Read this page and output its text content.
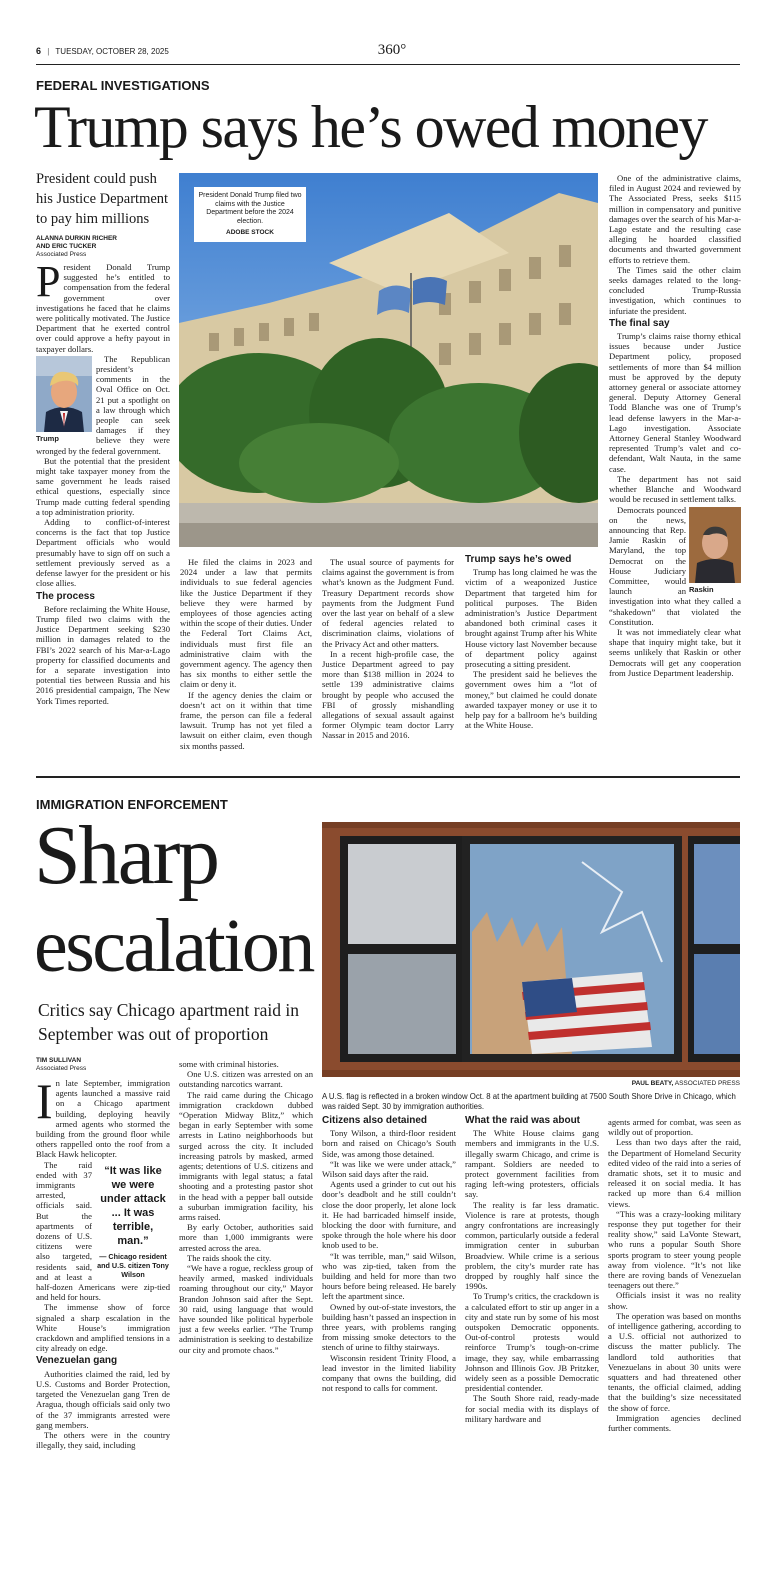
6 | TUESDAY, OCTOBER 28, 2025	360°
FEDERAL INVESTIGATIONS
Trump says he’s owed money
President could push his Justice Department to pay him millions
ALANNA DURKIN RICHER
AND ERIC TUCKER
Associated Press

President Donald Trump suggested he’s entitled to compensation from the federal government over investigations he faced that he claims were politically motivated. The Justice Department that he exerted control over could approve a hefty payout in taxpayer dollars.

Trump

The Republican president’s comments in the Oval Office on Oct. 21 put a spotlight on a law through which people can seek damages if they believe they were wronged by the federal government.

But the potential that the president might take taxpayer money from the same government he leads raised ethical questions, especially since Trump made cutting federal spending a top administration priority.

Adding to conflict-of-interest concerns is the fact that top Justice Department officials who would presumably have to sign off on such a settlement previously served as a defense lawyer for the president or his close allies.

The process

Before reclaiming the White House, Trump filed two claims with the Justice Department seeking $230 million in damages related to the FBI’s 2022 search of his Mar-a-Lago property for classified documents and for a separate investigation into potential ties between Russia and his 2016 presidential campaign, The New York Times reported.

President Donald Trump filed two claims with the Justice Department before the 2024 election.
ADOBE STOCK

He filed the claims in 2023 and 2024 under a law that permits individuals to sue federal agencies like the Justice Department if they believe they were harmed by employees of those agencies acting within the scope of their duties. Under the Federal Tort Claims Act, individuals must first file an administrative claim with the government agency. The agency then has six months to either settle the claim or deny it.

If the agency denies the claim or doesn’t act on it within that time frame, the person can file a federal lawsuit. Trump has not yet filed a lawsuit on either claim, even though six months passed.

The usual source of payments for claims against the government is from what’s known as the Judgment Fund. Treasury Department records show payments from the Judgment Fund over the last year on behalf of a slew of federal agencies related to discrimination claims, violations of the Privacy Act and other matters.

In a recent high-profile case, the Justice Department agreed to pay more than $138 million in 2024 to settle 139 administrative claims brought by people who accused the FBI of grossly mishandling allegations of sexual assault against former Olympic team doctor Larry Nassar in 2015 and 2016.

Trump says he’s owed

Trump has long claimed he was the victim of a weaponized Justice Department that targeted him for political purposes. The Biden administration’s Justice Department abandoned both criminal cases it brought against Trump after his White House victory last November because of department policy against prosecuting a sitting president.

The president said he believes the government owes him a “lot of money,” but claimed he could donate awarded taxpayer money or use it to help pay for a ballroom he’s building at the White House.

One of the administrative claims, filed in August 2024 and reviewed by The Associated Press, seeks $115 million in compensatory and punitive damages over the search of his Mar-a-Lago estate and the resulting case alleging he hoarded classified documents and thwarted government efforts to retrieve them.

The Times said the other claim seeks damages related to the long-concluded Trump-Russia investigation, which continues to infuriate the president.

The final say

Trump’s claims raise thorny ethical issues because under Justice Department policy, proposed settlements of more than $4 million must be approved by the deputy attorney general or associate attorney general. Deputy Attorney General Todd Blanche was one of Trump’s lead defense lawyers in the Mar-a-Lago investigation. Associate Attorney General Stanley Woodward represented Trump’s valet and co-defendant, Walt Nauta, in the same case.

The department has not said whether Blanche and Woodward would be recused in settlement talks.

Raskin

Democrats pounced on the news, announcing that Rep. Jamie Raskin of Maryland, the top Democrat on the House Judiciary Committee, would launch an investigation into what they called a “shakedown” that violated the Constitution.

It was not immediately clear what shape that inquiry might take, but it seems unlikely that Raskin or other Democrats will get any cooperation from Justice Department leadership.

IMMIGRATION ENFORCEMENT
Sharp
escalation
Critics say Chicago apartment raid in September was out of proportion
TIM SULLIVAN
Associated Press
PAUL BEATY, ASSOCIATED PRESS
A U.S. flag is reflected in a broken window Oct. 8 at the apartment building at 7500 South Shore Drive in Chicago, which was raided Sept. 30 by immigration authorities.

In late September, immigration agents launched a massive raid on a Chicago apartment building, deploying heavily armed agents who stormed the building from the ground floor while others rappelled onto the roof from a Black Hawk helicopter.

“It was like we were under attack ... It was terrible, man.”
— Chicago resident and U.S. citizen Tony Wilson

The raid ended with 37 immigrants arrested, officials said. But the apartments of dozens of U.S. citizens were also targeted, residents said, and at least a half-dozen Americans were zip-tied and held for hours.

The immense show of force signaled a sharp escalation in the White House’s immigration crackdown and amplified tensions in a city already on edge.

Venezuelan gang

Authorities claimed the raid, led by U.S. Customs and Border Protection, targeted the Venezuelan gang Tren de Aragua, though officials said only two of the 37 immigrants arrested were gang members.

The others were in the country illegally, they said, including

some with criminal histories.

One U.S. citizen was arrested on an outstanding narcotics warrant.

The raid came during the Chicago immigration crackdown dubbed “Operation Midway Blitz,” which began in early September with some arrests in Latino neighborhoods but surged across the city. It included increasing patrols by masked, armed agents; detentions of U.S. citizens and immigrants with legal status; a fatal shooting and a protesting pastor shot in the head with a pepper ball outside a suburban immigration facility, his arms raised.

By early October, authorities said more than 1,000 immigrants were arrested across the area.

The raids shook the city.

“We have a rogue, reckless group of heavily armed, masked individuals roaming throughout our city,” Mayor Brandon Johnson said after the Sept. 30 raid, using language that would have sounded like political hyperbole just a few weeks earlier. “The Trump administration is seeking to destabilize our city and promote chaos.”

Citizens also detained

Tony Wilson, a third-floor resident born and raised on Chicago’s South Side, was among those detained.

“It was like we were under attack,” Wilson said days after the raid.

Agents used a grinder to cut out his door’s deadbolt and he still couldn’t close the door properly, let alone lock it. He had barricaded himself inside, blocking the door with furniture, and spoke through the hole where his door knob used to be.

“It was terrible, man,” said Wilson, who was zip-tied, taken from the building and held for more than two hours before being released. He barely left the apartment since.

Owned by out-of-state investors, the building hasn’t passed an inspection in three years, with problems ranging from missing smoke detectors to the stench of urine to filthy stairways.

Wisconsin resident Trinity Flood, a lead investor in the limited liability company that owns the building, did not respond to calls for comment.

What the raid was about

The White House claims gang members and immigrants in the U.S. illegally swarm Chicago, and crime is rampant. Soldiers are needed to protect government facilities from raging left-wing protesters, officials say.

The reality is far less dramatic. Violence is rare at protests, though angry confrontations are increasingly common, particularly outside a federal immigration center in suburban Broadview. While crime is a serious problem, the city’s murder rate has dropped by roughly half since the 1990s.

To Trump’s critics, the crackdown is a calculated effort to stir up anger in a city and state run by some of his most outspoken Democratic opponents. Out-of-control protests would reinforce Trump’s tough-on-crime image, they say, while embarrassing Johnson and Illinois Gov. JB Pritzker, widely seen as a possible Democratic presidential contender.

The South Shore raid, ready-made for social media with its displays of military hardware and

agents armed for combat, was seen as wildly out of proportion.

Less than two days after the raid, the Department of Homeland Security edited video of the raid into a series of dramatic shots, set it to music and released it on social media. It has racked up more than 6.4 million views.

“This was a crazy-looking military response they put together for their reality show,” said LaVonte Stewart, who runs a popular South Shore sports program to steer young people away from violence. “It’s not like there are roving bands of Venezuelan teenagers out there.”

Officials insist it was no reality show.

The operation was based on months of intelligence gathering, according to a U.S. official not authorized to discuss the matter publicly. The landlord told authorities that Venezuelans in about 30 units were squatters and had threatened other tenants, the official claimed, adding that the building’s size necessitated the show of force.

Immigration agencies declined further comments.
